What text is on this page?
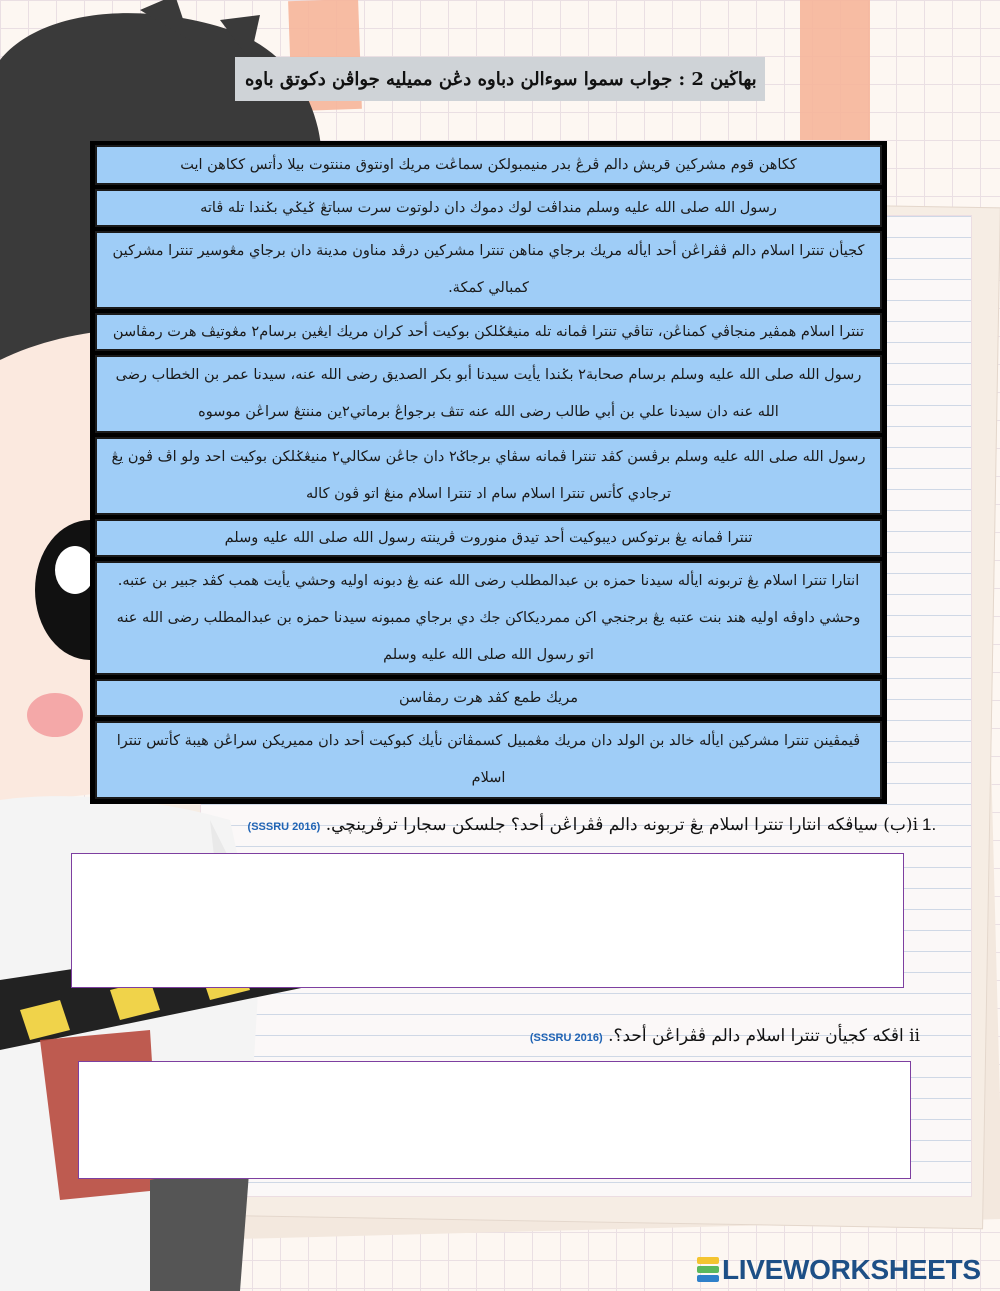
بهاڬين 2 : جواب سموا سوءالن دباوه دڠن مميليه جواڤن دکوتق باوه
ككاهن قوم مشركين قريش دالم ڤرڠ بدر منيمبولكن سماڠت مريك اونتوق مننتوت بيلا دأتس ككاهن ايت
رسول الله صلى الله عليه وسلم منداڤت لوك دموك دان دلوتوت سرت سباتڠ ݢيݢي بݢندا تله ڤاته
كجيأن تنترا اسلام دالم ڤڤراڠن أحد ايأله مريك برجاي مناهن تنترا مشركين درڤد مناون مدينة دان برجاي مڠوسير تنترا مشركين كمبالي كمكة.
تنترا اسلام همڤير منجاڤي كمناڠن، تتاڤي تنترا ڤمانه تله منيڠݢلكن بوكيت أحد كران مريك ايڠين برسام٢ مڠوتيڤ هرت رمڤاسن
رسول الله صلى الله عليه وسلم برسام صحابة٢ بݢندا يأيت سيدنا أبو بكر الصديق رضى الله عنه، سيدنا عمر بن الخطاب رضى الله عنه دان سيدنا علي بن أبي طالب رضى الله عنه تتڤ برجواڠ برماتي٢ين مننتڠ سراڠن موسوه
رسول الله صلى الله عليه وسلم برڤسن كڤد تنترا ڤمانه سڤاي برجاݢ٢ دان جاڠن سكالي٢ منيڠݢلكن بوكيت احد ولو اڤ ڤون يڠ ترجادي كأتس تنترا اسلام سام اد تنترا اسلام منڠ اتو ڤون كاله
تنترا ڤمانه يڠ برتوكس ديبوكيت أحد تيدق منوروت ڤرينته رسول الله صلى الله عليه وسلم
انتارا تنترا اسلام يڠ تربونه ايأله سيدنا حمزه بن عبدالمطلب رضى الله عنه يڠ دبونه اوليه وحشي يأيت همب كڤد جبير بن عتبه. وحشي داوڤه اوليه هند بنت عتبه يڠ برجنجي اكن ممرديكاكن جك دي برجاي ممبونه سيدنا حمزه بن عبدالمطلب رضى الله عنه اتو رسول الله صلى الله عليه وسلم
مريك طمع كڤد هرت رمڤاسن
ڤيمڤينن تنترا مشركين ايأله خالد بن الولد دان مريك مڠمبيل كسمڤاتن نأيك كبوكيت أحد دان مميريكن سراڠن هيبة كأتس تنترا اسلام
1.
i(ب) سياڤكه انتارا تنترا اسلام يڠ تربونه دالم ڤڤراڠن أحد؟ جلسكن سجارا ترڤرينچي. (SSSRU 2016)
ii اڤكه كجيأن تنترا اسلام دالم ڤڤراڠن أحد؟. (SSSRU 2016)
LIVEWORKSHEETS
